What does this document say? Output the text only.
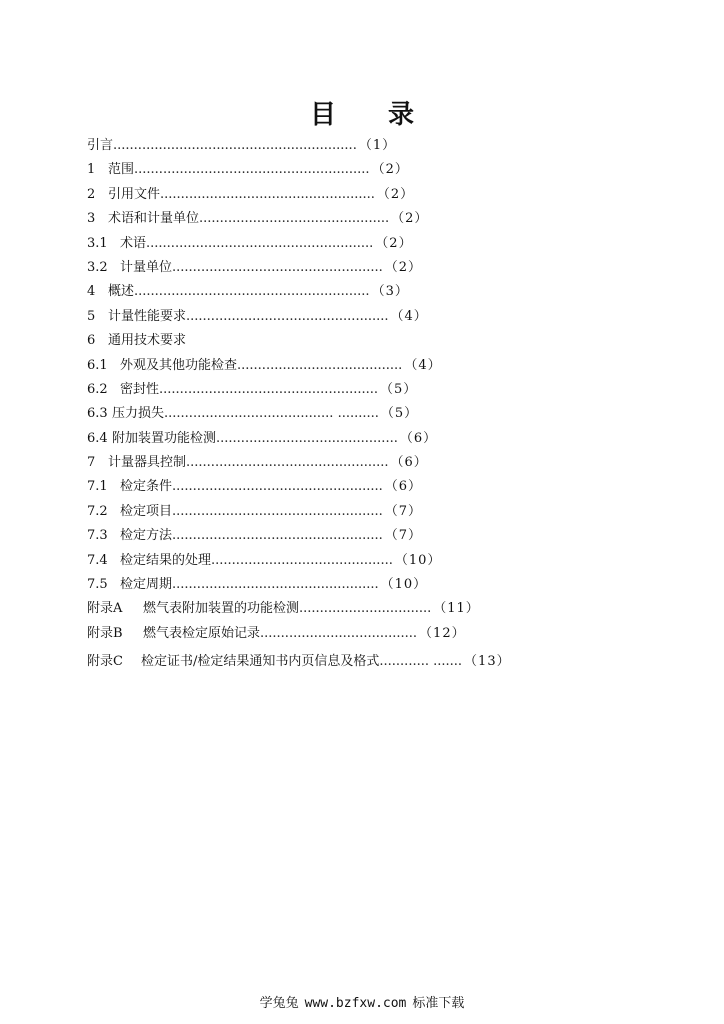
目 录
引言 ........................................................... （1）
1 范围 ......................................................... （2）
2 引用文件 .................................................... （2）
3 术语和计量单位 .............................................. （2）
3.1 术语 ....................................................... （2）
3.2 计量单位 ................................................... （2）
4 概述 ......................................................... （3）
5 计量性能要求 ................................................. （4）
6 通用技术要求
6.1 外观及其他功能检查 ........................................ （4）
6.2 密封性 ..................................................... （5）
6.3 压力损失 ......................................... .......... （5）
6.4 附加装置功能检测 ............................................ （6）
7 计量器具控制 ................................................. （6）
7.1 检定条件 ................................................... （6）
7.2 检定项目 ................................................... （7）
7.3 检定方法 ................................................... （7）
7.4 检定结果的处理 ............................................ （10）
7.5 检定周期 .................................................. （10）
附录A	燃气表附加装置的功能检测 ................................ （11）
附录B	燃气表检定原始记录 ...................................... （12）
附录C	检定证书/检定结果通知书内页信息及格式 ............ ....... （13）
学兔兔 www.bzfxw.com 标准下载
